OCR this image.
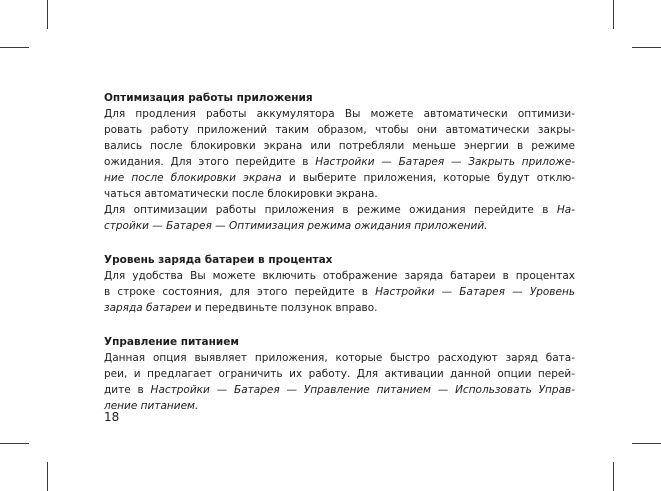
Оптимизация работы приложения

Для продления работы аккумулятора Вы можете автоматически оптимизи-
ровать работу приложений таким образом, чтобы они автоматически закры-
вались после блокировки экрана или потребляли меньше энергии в режиме
ожидания. Для этого перейдите в Настройки — Батарея — Закрыть приложе-
ние после блокировки экрана и выберите приложения, которые будут отклю-
чаться автоматически после блокировки экрана.

Для оптимизации работы приложения в режиме ожидания перейдите в На-
стройки — Батарея — Оптимизация режима ожидания приложений.

Уровень заряда батареи в процентах

Для удобства Вы можете включить отображение заряда батареи в процентах
в строке состояния, для этого перейдите в Настройки — Батарея — Уровень
заряда батареи и передвиньте ползунок вправо.

Управление питанием

Данная опция выявляет приложения, которые быстро расходуют заряд бата-
реи, и предлагает ограничить их работу. Для активации данной опции перей-
дите в Настройки — Батарея — Управление питанием — Использовать Управ-
ление питанием.

18
